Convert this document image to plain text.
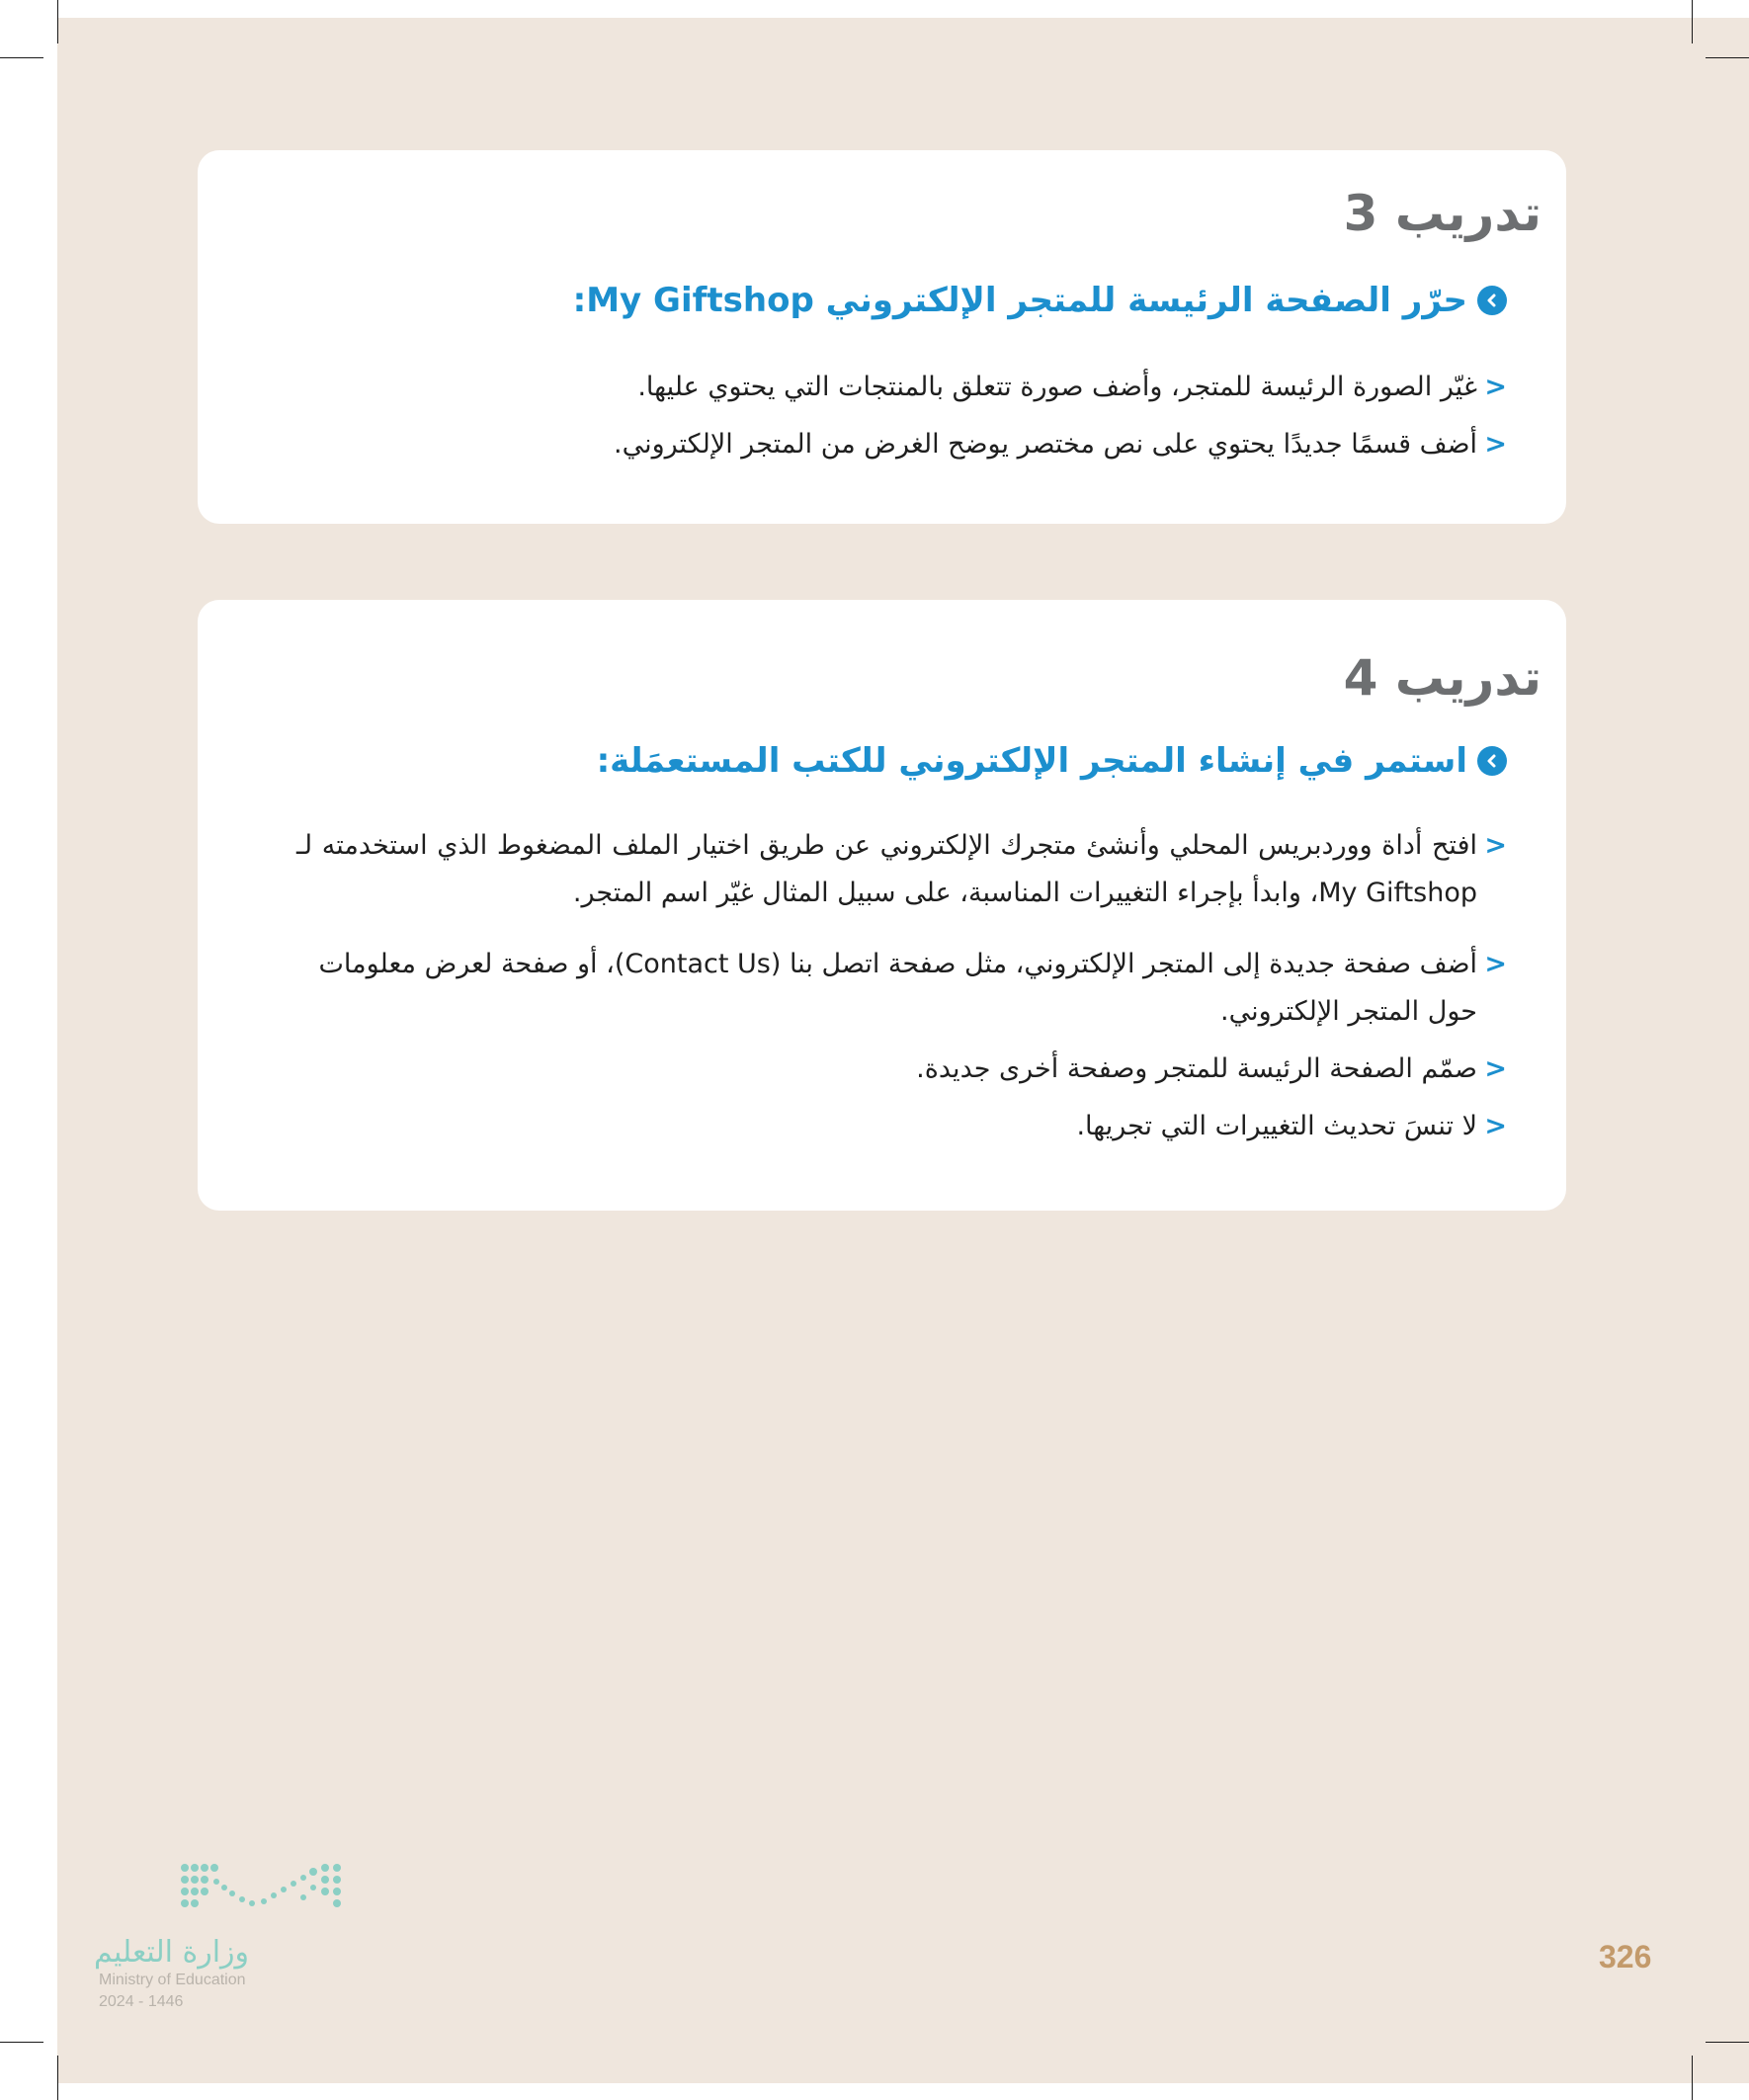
تدريب 3
حرّر الصفحة الرئيسة للمتجر الإلكتروني My Giftshop:
<
غيّر الصورة الرئيسة للمتجر، وأضف صورة تتعلق بالمنتجات التي يحتوي عليها.
<
أضف قسمًا جديدًا يحتوي على نص مختصر يوضح الغرض من المتجر الإلكتروني.
تدريب 4
استمر في إنشاء المتجر الإلكتروني للكتب المستعمَلة:
<
افتح أداة ووردبريس المحلي وأنشئ متجرك الإلكتروني عن طريق اختيار الملف المضغوط الذي استخدمته لـ My Giftshop، وابدأ بإجراء التغييرات المناسبة، على سبيل المثال غيّر اسم المتجر.
<
أضف صفحة جديدة إلى المتجر الإلكتروني، مثل صفحة اتصل بنا (Contact Us)، أو صفحة لعرض معلومات حول المتجر الإلكتروني.
<
صمّم الصفحة الرئيسة للمتجر وصفحة أخرى جديدة.
<
لا تنسَ تحديث التغييرات التي تجريها.
وزارة التعليم
Ministry of Education
2024 - 1446
326
